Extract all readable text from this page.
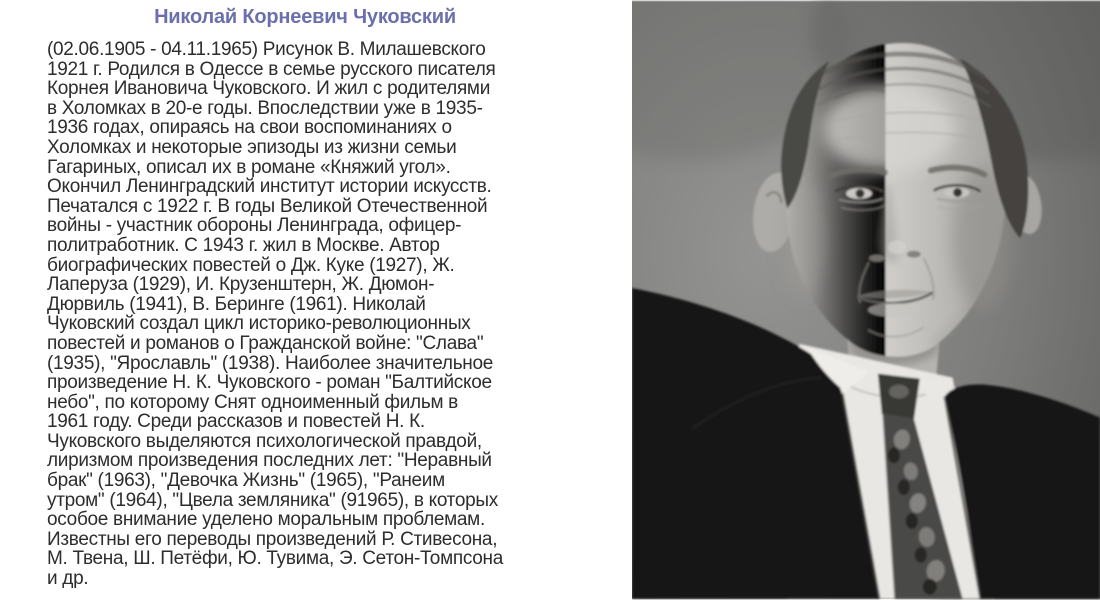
Николай Корнеевич Чуковский
(02.06.1905 - 04.11.1965) Рисунок В. Милашевского
1921 г. Родился в Одессе в семье русского писателя
Корнея Ивановича Чуковского. И жил с родителями
в Холомках в 20-е годы. Впоследствии уже в 1935-
1936 годах, опираясь на свои воспоминаниях о
Холомках и некоторые эпизоды из жизни семьи
Гагариных, описал их в романе «Княжий угол».
Окончил Ленинградский институт истории искусств.
Печатался с 1922 г. В годы Великой Отечественной
войны - участник обороны Ленинграда, офицер-
политработник. С 1943 г. жил в Москве. Автор
биографических повестей о Дж. Куке (1927), Ж.
Лаперуза (1929), И. Крузенштерн, Ж. Дюмон-
Дюрвиль (1941), В. Беринге (1961). Николай
Чуковский создал цикл историко-революционных
повестей и романов о Гражданской войне: "Слава"
(1935), "Ярославль" (1938). Наиболее значительное
произведение Н. К. Чуковского - роман "Балтийское
небо", по которому Снят одноименный фильм в
1961 году. Среди рассказов и повестей Н. К.
Чуковского выделяются психологической правдой,
лиризмом произведения последних лет: "Неравный
брак" (1963), "Девочка Жизнь" (1965), "Ранеим
утром" (1964), "Цвела земляника" (91965), в которых
особое внимание уделено моральным проблемам.
Известны его переводы произведений Р. Стивесона,
М. Твена, Ш. Петёфи, Ю. Тувима, Э. Сетон-Томпсона
и др.
